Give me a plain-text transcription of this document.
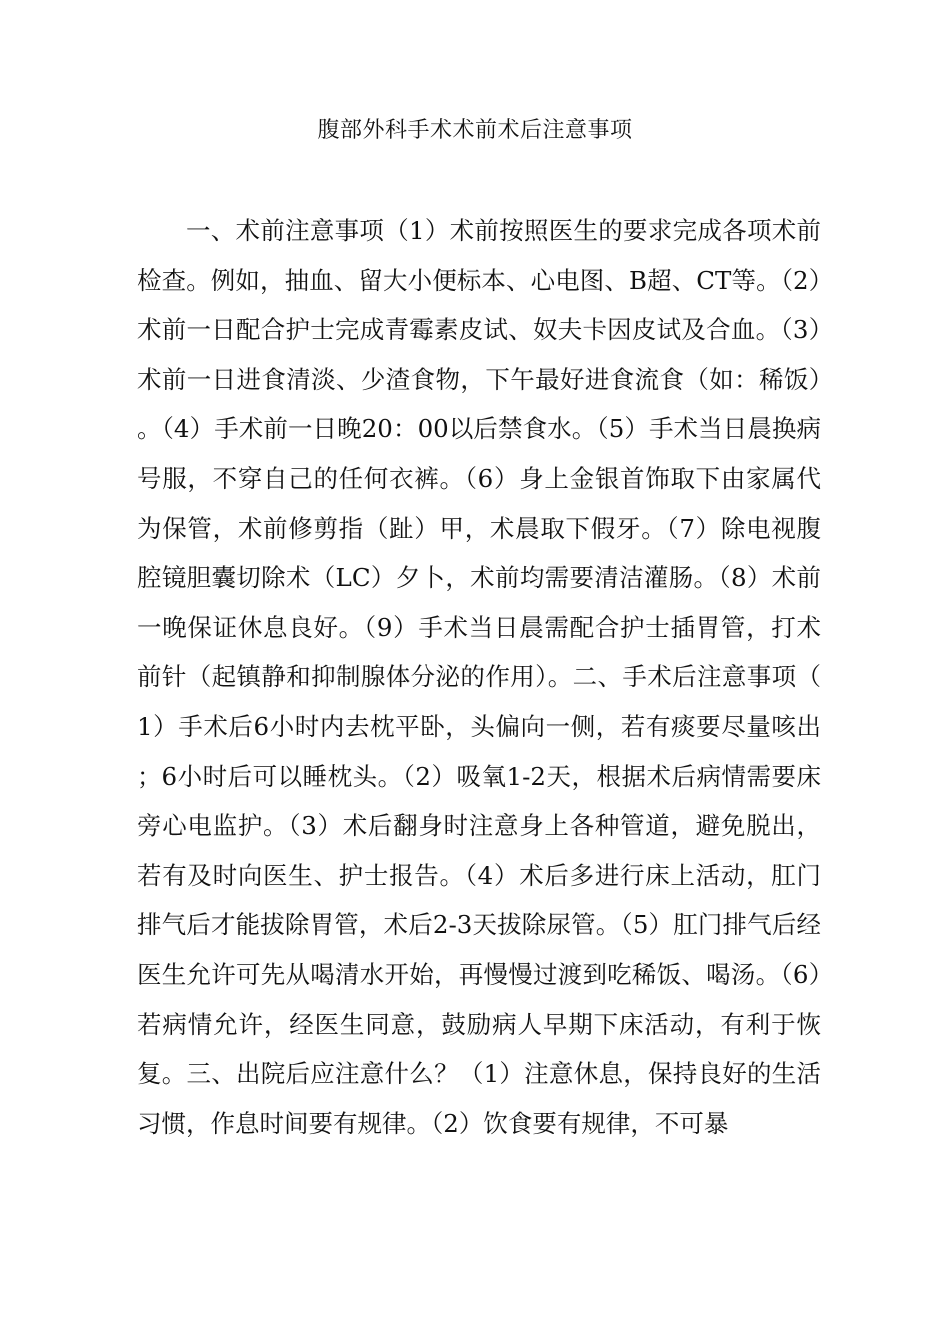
腹部外科手术术前术后注意事项

一、术前注意事项（1）术前按照医生的要求完成各项术前检查。例如，抽血、留大小便标本、心电图、B超、CT等。（2）术前一日配合护士完成青霉素皮试、奴夫卡因皮试及合血。（3）术前一日进食清淡、少渣食物，下午最好进食流食（如：稀饭）。（4）手术前一日晚20：00以后禁食水。（5）手术当日晨换病号服，不穿自己的任何衣裤。（6）身上金银首饰取下由家属代为保管，术前修剪指（趾）甲，术晨取下假牙。（7）除电视腹腔镜胆囊切除术（LC）夕卜，术前均需要清洁灌肠。（8）术前一晚保证休息良好。（9）手术当日晨需配合护士插胃管，打术前针（起镇静和抑制腺体分泌的作用）。二、手术后注意事项（1）手术后6小时内去枕平卧，头偏向一侧，若有痰要尽量咳出；6小时后可以睡枕头。（2）吸氧1-2天，根据术后病情需要床旁心电监护。（3）术后翻身时注意身上各种管道，避免脱出，若有及时向医生、护士报告。（4）术后多进行床上活动，肛门排气后才能拔除胃管，术后2-3天拔除尿管。（5）肛门排气后经医生允许可先从喝清水开始，再慢慢过渡到吃稀饭、喝汤。（6）若病情允许，经医生同意，鼓励病人早期下床活动，有利于恢复。三、出院后应注意什么？（1）注意休息，保持良好的生活习惯，作息时间要有规律。（2）饮食要有规律，不可暴
